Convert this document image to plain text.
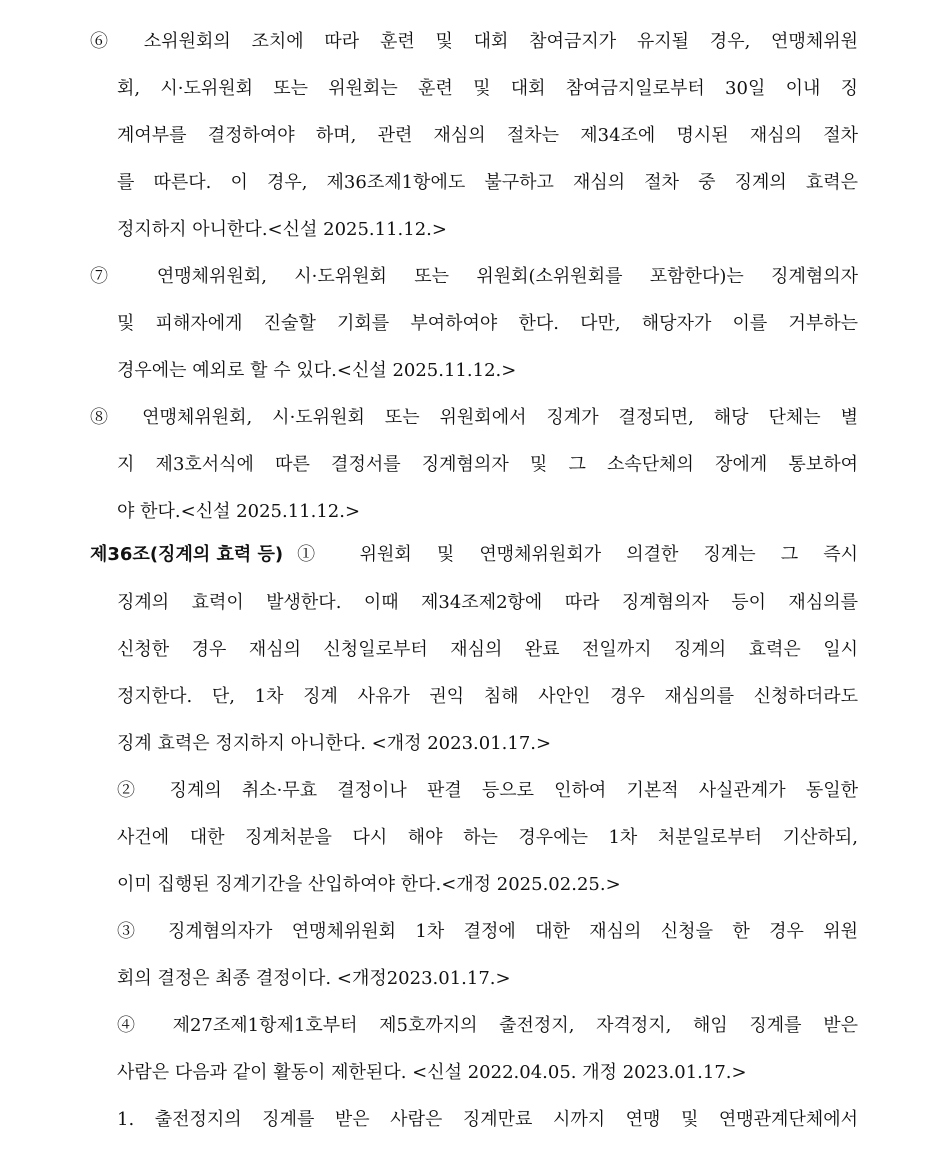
⑥ 소위원회의 조치에 따라 훈련 및 대회 참여금지가 유지될 경우, 연맹체위원
회, 시·도위원회 또는 위원회는 훈련 및 대회 참여금지일로부터 30일 이내 징
계여부를 결정하여야 하며, 관련 재심의 절차는 제34조에 명시된 재심의 절차
를 따른다. 이 경우, 제36조제1항에도 불구하고 재심의 절차 중 징계의 효력은
정지하지 아니한다.<신설 2025.11.12.>
⑦ 연맹체위원회, 시·도위원회 또는 위원회(소위원회를 포함한다)는 징계혐의자
및 피해자에게 진술할 기회를 부여하여야 한다. 다만, 해당자가 이를 거부하는
경우에는 예외로 할 수 있다.<신설 2025.11.12.>
⑧ 연맹체위원회, 시·도위원회 또는 위원회에서 징계가 결정되면, 해당 단체는 별
지 제3호서식에 따른 결정서를 징계혐의자 및 그 소속단체의 장에게 통보하여
야 한다.<신설 2025.11.12.>
제36조(징계의 효력 등) ① 위원회 및 연맹체위원회가 의결한 징계는 그 즉시
징계의 효력이 발생한다. 이때 제34조제2항에 따라 징계혐의자 등이 재심의를
신청한 경우 재심의 신청일로부터 재심의 완료 전일까지 징계의 효력은 일시
정지한다. 단, 1차 징계 사유가 권익 침해 사안인 경우 재심의를 신청하더라도
징계 효력은 정지하지 아니한다. <개정 2023.01.17.>
② 징계의 취소·무효 결정이나 판결 등으로 인하여 기본적 사실관계가 동일한
사건에 대한 징계처분을 다시 해야 하는 경우에는 1차 처분일로부터 기산하되,
이미 집행된 징계기간을 산입하여야 한다.<개정 2025.02.25.>
③ 징계혐의자가 연맹체위원회 1차 결정에 대한 재심의 신청을 한 경우 위원
회의 결정은 최종 결정이다. <개정2023.01.17.>
④ 제27조제1항제1호부터 제5호까지의 출전정지, 자격정지, 해임 징계를 받은
사람은 다음과 같이 활동이 제한된다. <신설 2022.04.05. 개정 2023.01.17.>
1. 출전정지의 징계를 받은 사람은 징계만료 시까지 연맹 및 연맹관계단체에서
